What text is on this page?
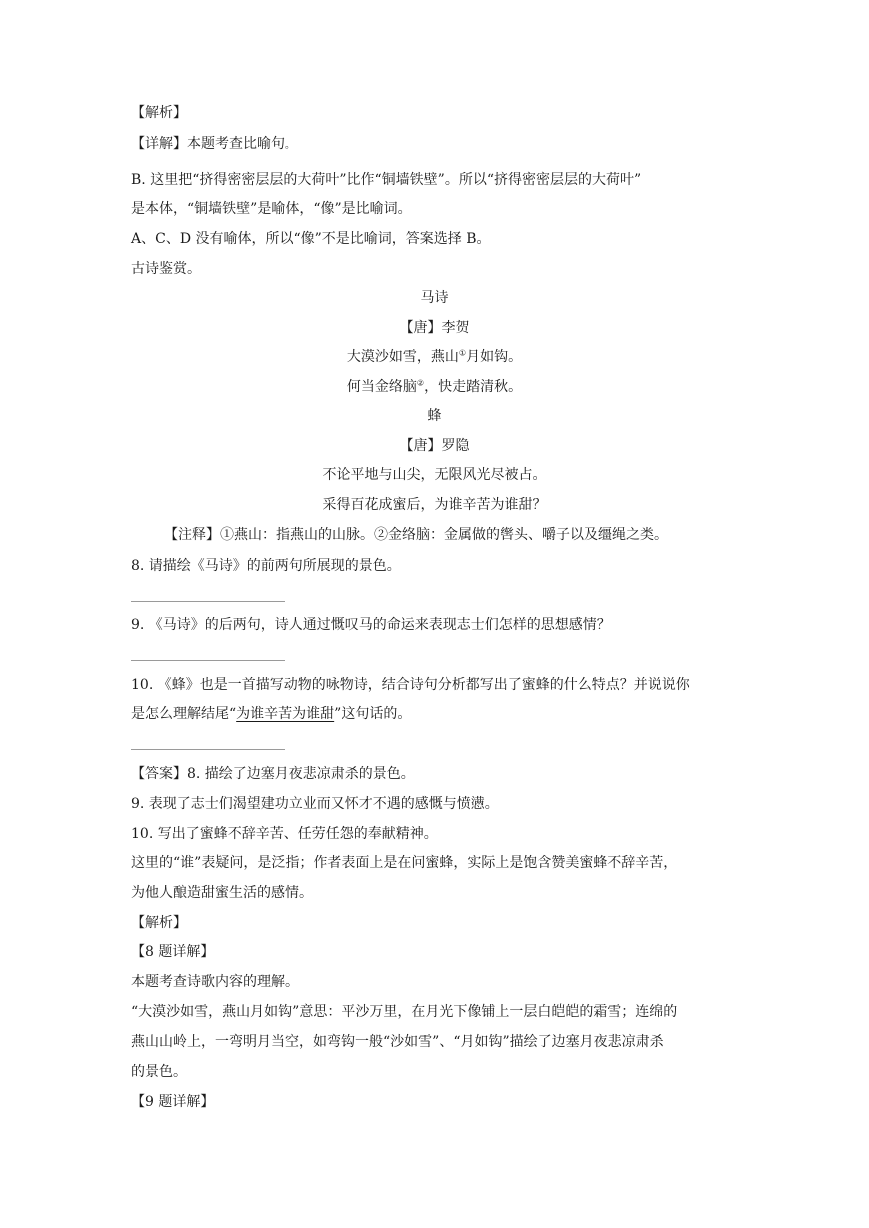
【解析】
【详解】本题考查比喻句。
B. 这里把“挤得密密层层的大荷叶”比作“铜墙铁壁”。所以“挤得密密层层的大荷叶”
是本体，“铜墙铁壁”是喻体，“像”是比喻词。
A、C、D 没有喻体，所以“像”不是比喻词，答案选择 B。
古诗鉴赏。
马诗
【唐】李贺
大漠沙如雪，燕山①月如钩。
何当金络脑②，快走踏清秋。
蜂
【唐】罗隐
不论平地与山尖，无限风光尽被占。
采得百花成蜜后，为谁辛苦为谁甜？
【注释】①燕山：指燕山的山脉。②金络脑：金属做的辔头、嚼子以及缰绳之类。
8. 请描绘《马诗》的前两句所展现的景色。
9. 《马诗》的后两句，诗人通过慨叹马的命运来表现志士们怎样的思想感情？
10. 《蜂》也是一首描写动物的咏物诗，结合诗句分析都写出了蜜蜂的什么特点？并说说你
是怎么理解结尾“为谁辛苦为谁甜”这句话的。
【答案】8. 描绘了边塞月夜悲凉肃杀的景色。
9. 表现了志士们渴望建功立业而又怀才不遇的感慨与愤懑。
10. 写出了蜜蜂不辞辛苦、任劳任怨的奉献精神。
这里的“谁”表疑问，是泛指；作者表面上是在问蜜蜂，实际上是饱含赞美蜜蜂不辞辛苦，
为他人酿造甜蜜生活的感情。
【解析】
【8 题详解】
本题考查诗歌内容的理解。
“大漠沙如雪，燕山月如钩”意思：平沙万里，在月光下像铺上一层白皑皑的霜雪；连绵的
燕山山岭上，一弯明月当空，如弯钩一般“沙如雪”、“月如钩”描绘了边塞月夜悲凉肃杀
的景色。
【9 题详解】
